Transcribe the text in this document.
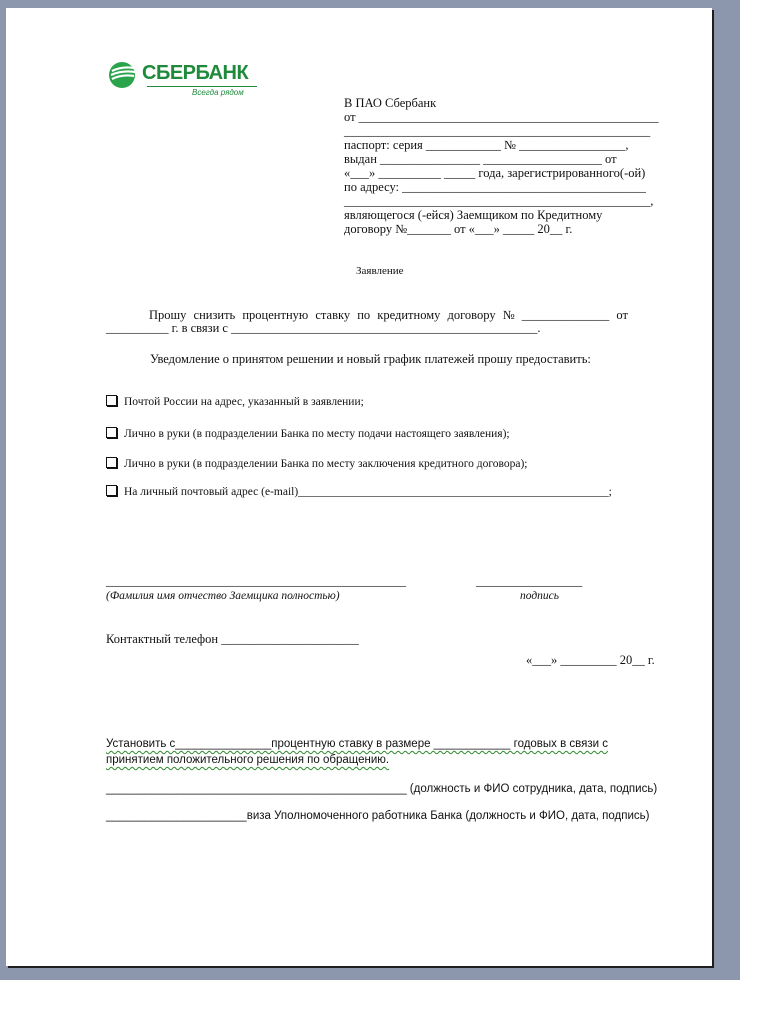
СБЕРБАНК
Всегда рядом
В ПАО Сбербанк
от ________________________________________________
_________________________________________________
паспорт: серия ____________ № _________________,
выдан ________________ ___________________ от
«___» __________ _____ года, зарегистрированного(-ой)
по адресу: _______________________________________
_________________________________________________,
являющегося (-ейся) Заемщиком по Кредитному
договору №_______ от «___» _____ 20__ г.
Заявление
Прошу снизить процентную ставку по кредитному договору № ______________ от
__________ г. в связи с _________________________________________________.
Уведомление о принятом решении и новый график платежей прошу предоставить:
Почтой России на адрес, указанный в заявлении;
Лично в руки (в подразделении Банка по месту подачи настоящего заявления);
Лично в руки (в подразделении Банка по месту заключения кредитного договора);
На личный почтовый адрес (e-mail)______________________________________________________;
________________________________________________
(Фамилия имя отчество Заемщика полностью)
_________________
подпись
Контактный телефон ______________________
«___» _________ 20__ г.
Установить с_______________процентную ставку в размере ____________ годовых в связи с
принятием положительного решения по обращению.
_______________________________________________ (должность и ФИО сотрудника, дата, подпись)
______________________виза Уполномоченного работника Банка (должность и ФИО, дата, подпись)
